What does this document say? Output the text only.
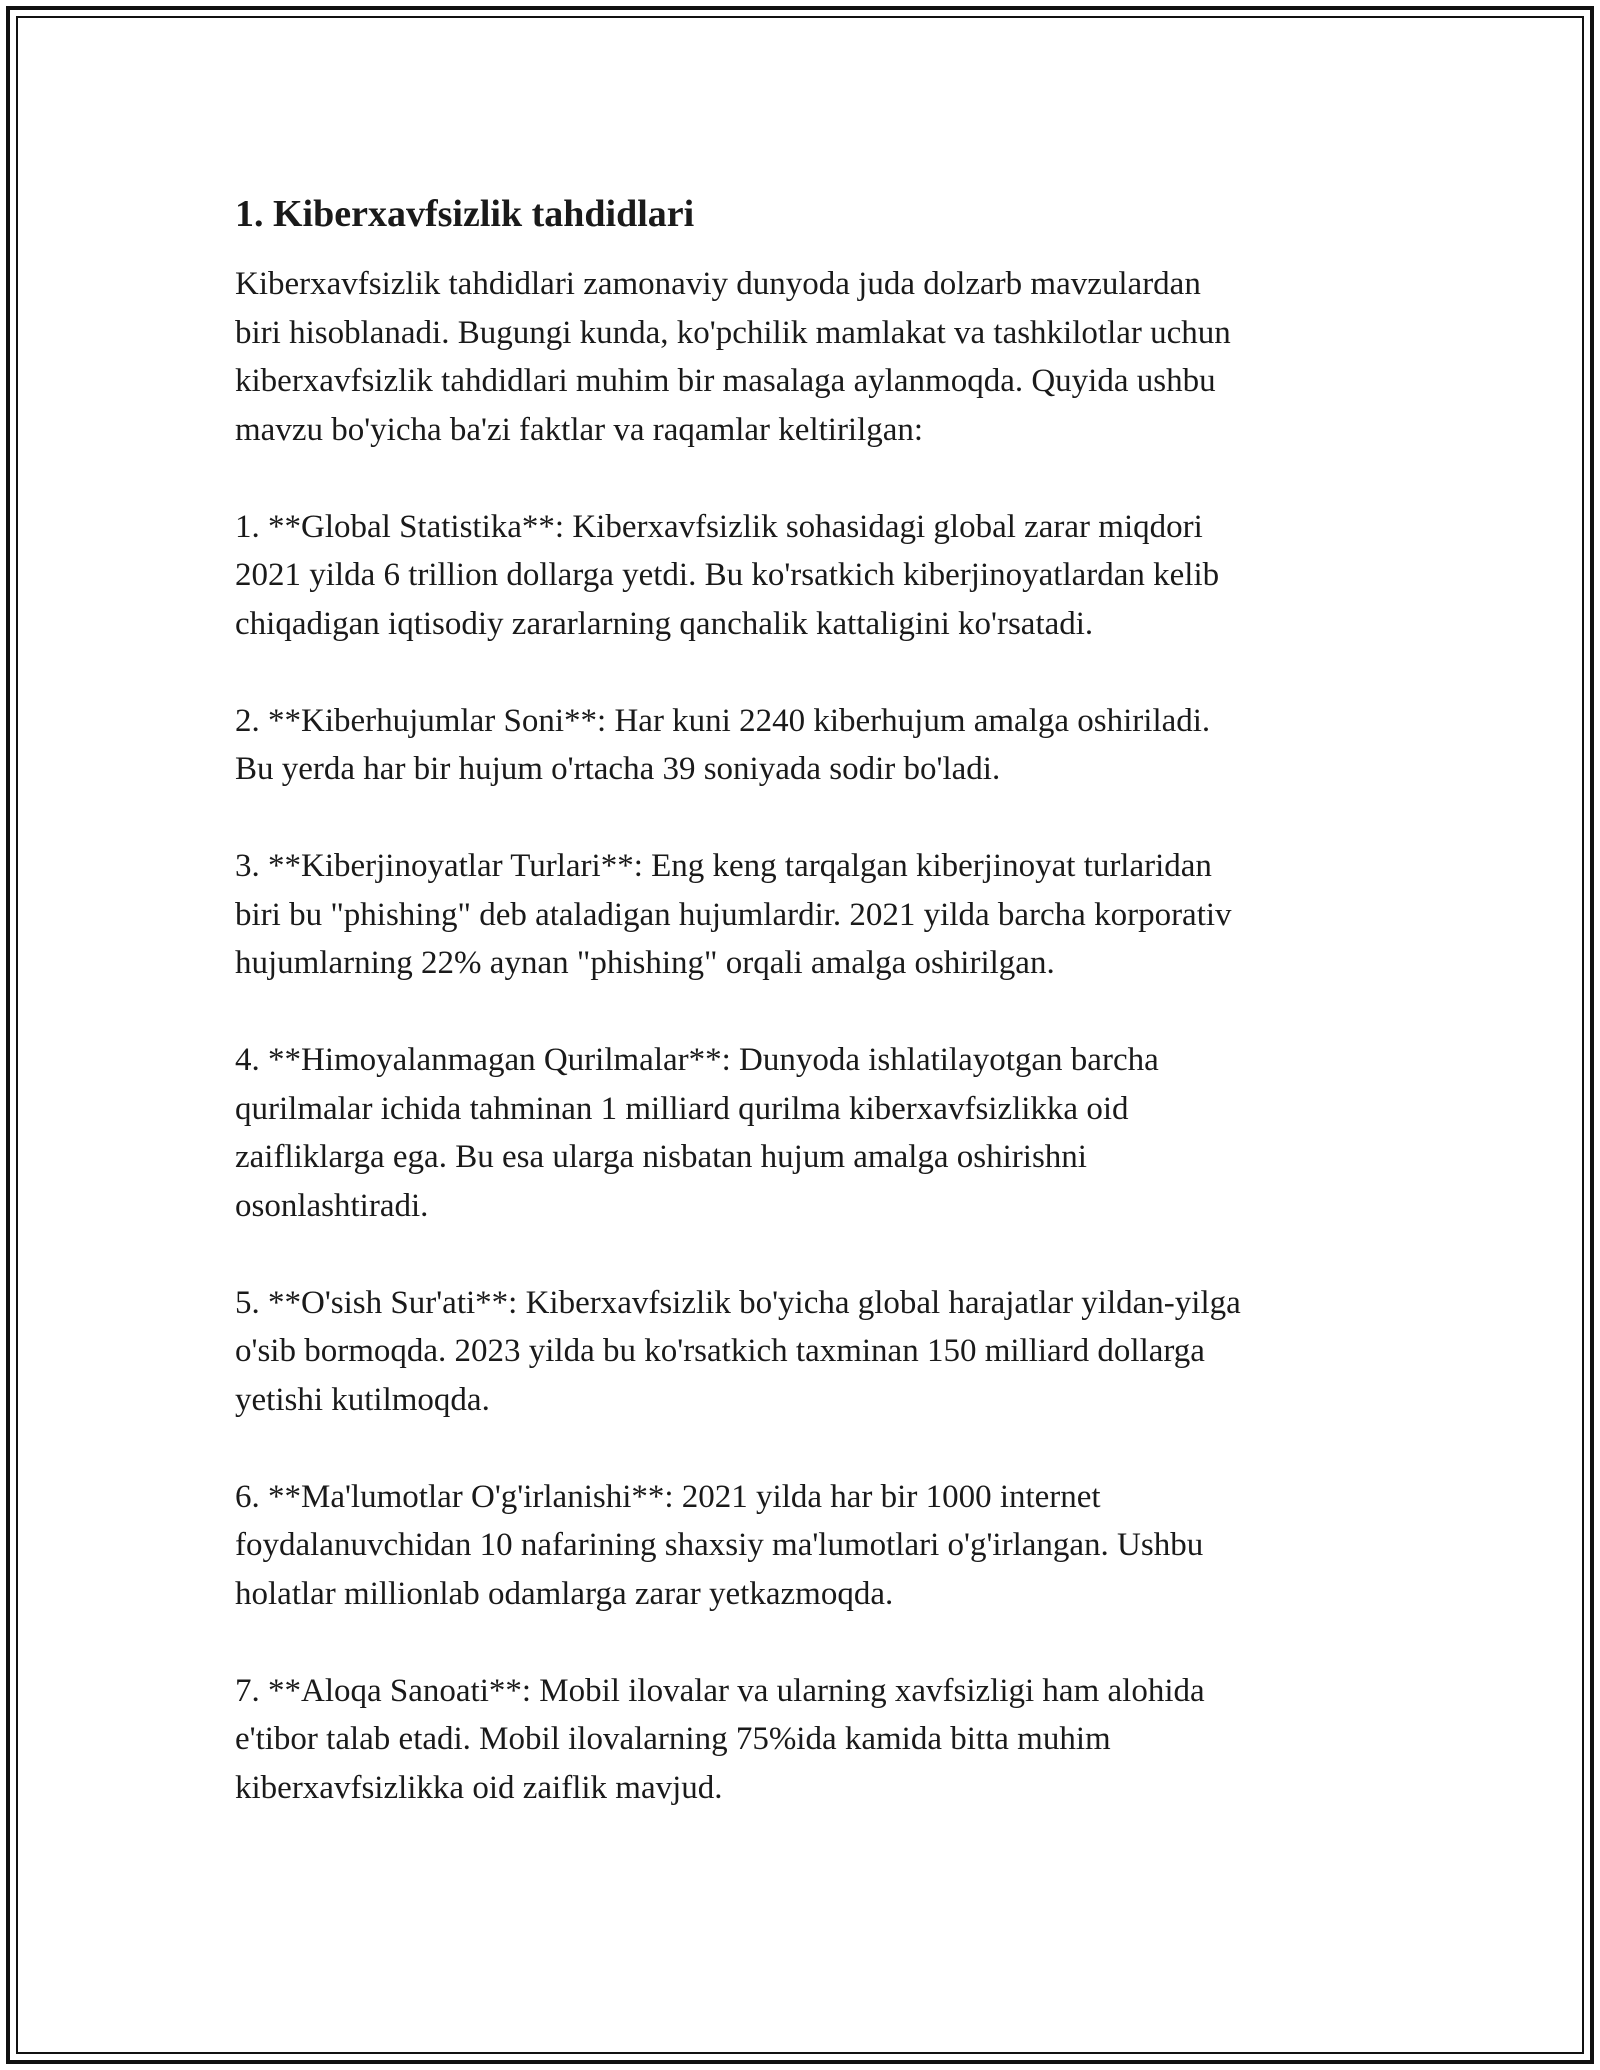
1. Kiberxavfsizlik tahdidlari

Kiberxavfsizlik tahdidlari zamonaviy dunyoda juda dolzarb mavzulardan
biri hisoblanadi. Bugungi kunda, ko'pchilik mamlakat va tashkilotlar uchun
kiberxavfsizlik tahdidlari muhim bir masalaga aylanmoqda. Quyida ushbu
mavzu bo'yicha ba'zi faktlar va raqamlar keltirilgan:

1. **Global Statistika**: Kiberxavfsizlik sohasidagi global zarar miqdori
2021 yilda 6 trillion dollarga yetdi. Bu ko'rsatkich kiberjinoyatlardan kelib
chiqadigan iqtisodiy zararlarning qanchalik kattaligini ko'rsatadi.

2. **Kiberhujumlar Soni**: Har kuni 2240 kiberhujum amalga oshiriladi.
Bu yerda har bir hujum o'rtacha 39 soniyada sodir bo'ladi.

3. **Kiberjinoyatlar Turlari**: Eng keng tarqalgan kiberjinoyat turlaridan
biri bu "phishing" deb ataladigan hujumlardir. 2021 yilda barcha korporativ
hujumlarning 22% aynan "phishing" orqali amalga oshirilgan.

4. **Himoyalanmagan Qurilmalar**: Dunyoda ishlatilayotgan barcha
qurilmalar ichida tahminan 1 milliard qurilma kiberxavfsizlikka oid
zaifliklarga ega. Bu esa ularga nisbatan hujum amalga oshirishni
osonlashtiradi.

5. **O'sish Sur'ati**: Kiberxavfsizlik bo'yicha global harajatlar yildan-yilga
o'sib bormoqda. 2023 yilda bu ko'rsatkich taxminan 150 milliard dollarga
yetishi kutilmoqda.

6. **Ma'lumotlar O'g'irlanishi**: 2021 yilda har bir 1000 internet
foydalanuvchidan 10 nafarining shaxsiy ma'lumotlari o'g'irlangan. Ushbu
holatlar millionlab odamlarga zarar yetkazmoqda.

7. **Aloqa Sanoati**: Mobil ilovalar va ularning xavfsizligi ham alohida
e'tibor talab etadi. Mobil ilovalarning 75%ida kamida bitta muhim
kiberxavfsizlikka oid zaiflik mavjud.
